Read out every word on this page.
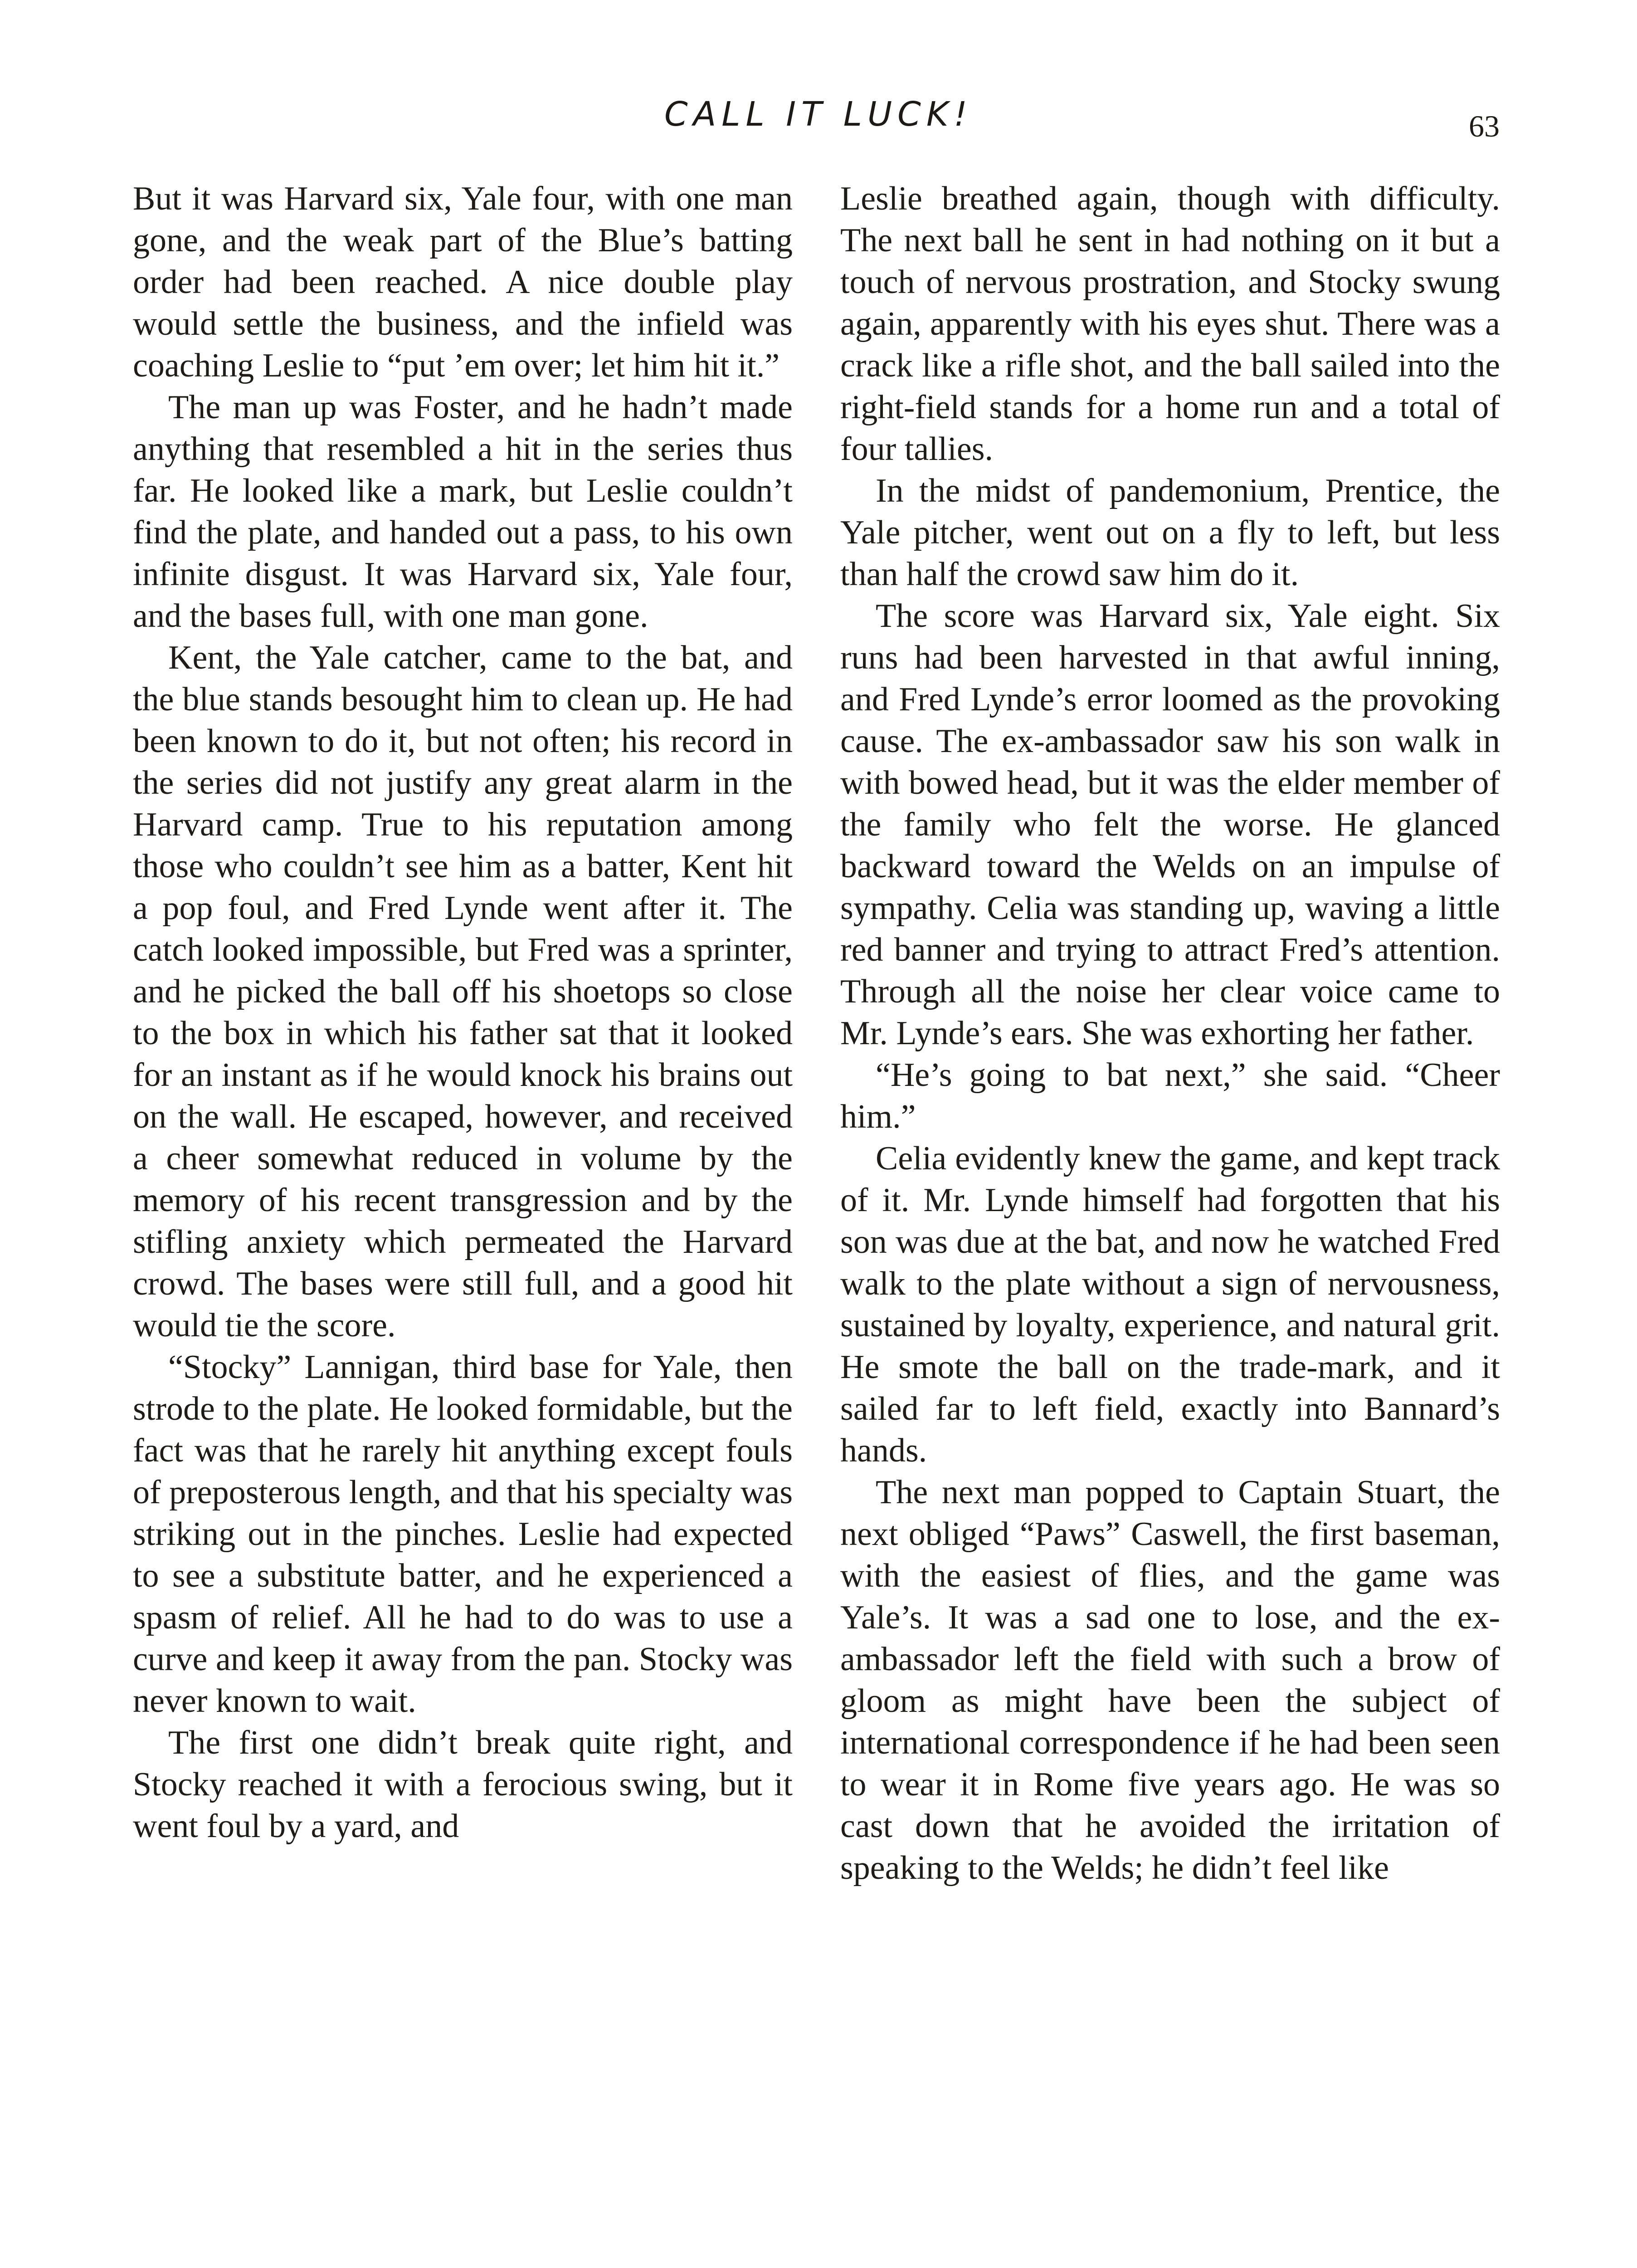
CALL IT LUCK!	63

But it was Harvard six, Yale four, with one man gone, and the weak part of the Blue’s batting order had been reached. A nice double play would settle the business, and the infield was coaching Leslie to “put ’em over; let him hit it.”

The man up was Foster, and he hadn’t made anything that resembled a hit in the series thus far. He looked like a mark, but Leslie couldn’t find the plate, and handed out a pass, to his own infinite disgust. It was Harvard six, Yale four, and the bases full, with one man gone.

Kent, the Yale catcher, came to the bat, and the blue stands besought him to clean up. He had been known to do it, but not often; his record in the series did not justify any great alarm in the Harvard camp. True to his reputation among those who couldn’t see him as a batter, Kent hit a pop foul, and Fred Lynde went after it. The catch looked impossible, but Fred was a sprinter, and he picked the ball off his shoetops so close to the box in which his father sat that it looked for an instant as if he would knock his brains out on the wall. He escaped, however, and received a cheer somewhat reduced in volume by the memory of his recent transgression and by the stifling anxiety which permeated the Harvard crowd. The bases were still full, and a good hit would tie the score.

“Stocky” Lannigan, third base for Yale, then strode to the plate. He looked formidable, but the fact was that he rarely hit anything except fouls of preposterous length, and that his specialty was striking out in the pinches. Leslie had expected to see a substitute batter, and he experienced a spasm of relief. All he had to do was to use a curve and keep it away from the pan. Stocky was never known to wait.

The first one didn’t break quite right, and Stocky reached it with a ferocious swing, but it went foul by a yard, and

Leslie breathed again, though with difficulty. The next ball he sent in had nothing on it but a touch of nervous prostration, and Stocky swung again, apparently with his eyes shut. There was a crack like a rifle shot, and the ball sailed into the right-field stands for a home run and a total of four tallies.

In the midst of pandemonium, Prentice, the Yale pitcher, went out on a fly to left, but less than half the crowd saw him do it.

The score was Harvard six, Yale eight. Six runs had been harvested in that awful inning, and Fred Lynde’s error loomed as the provoking cause. The ex-ambassador saw his son walk in with bowed head, but it was the elder member of the family who felt the worse. He glanced backward toward the Welds on an impulse of sympathy. Celia was standing up, waving a little red banner and trying to attract Fred’s attention. Through all the noise her clear voice came to Mr. Lynde’s ears. She was exhorting her father.

“He’s going to bat next,” she said. “Cheer him.”

Celia evidently knew the game, and kept track of it. Mr. Lynde himself had forgotten that his son was due at the bat, and now he watched Fred walk to the plate without a sign of nervousness, sustained by loyalty, experience, and natural grit. He smote the ball on the trade-mark, and it sailed far to left field, exactly into Bannard’s hands.

The next man popped to Captain Stuart, the next obliged “Paws” Caswell, the first baseman, with the easiest of flies, and the game was Yale’s. It was a sad one to lose, and the ex-ambassador left the field with such a brow of gloom as might have been the subject of international correspondence if he had been seen to wear it in Rome five years ago. He was so cast down that he avoided the irritation of speaking to the Welds; he didn’t feel like
